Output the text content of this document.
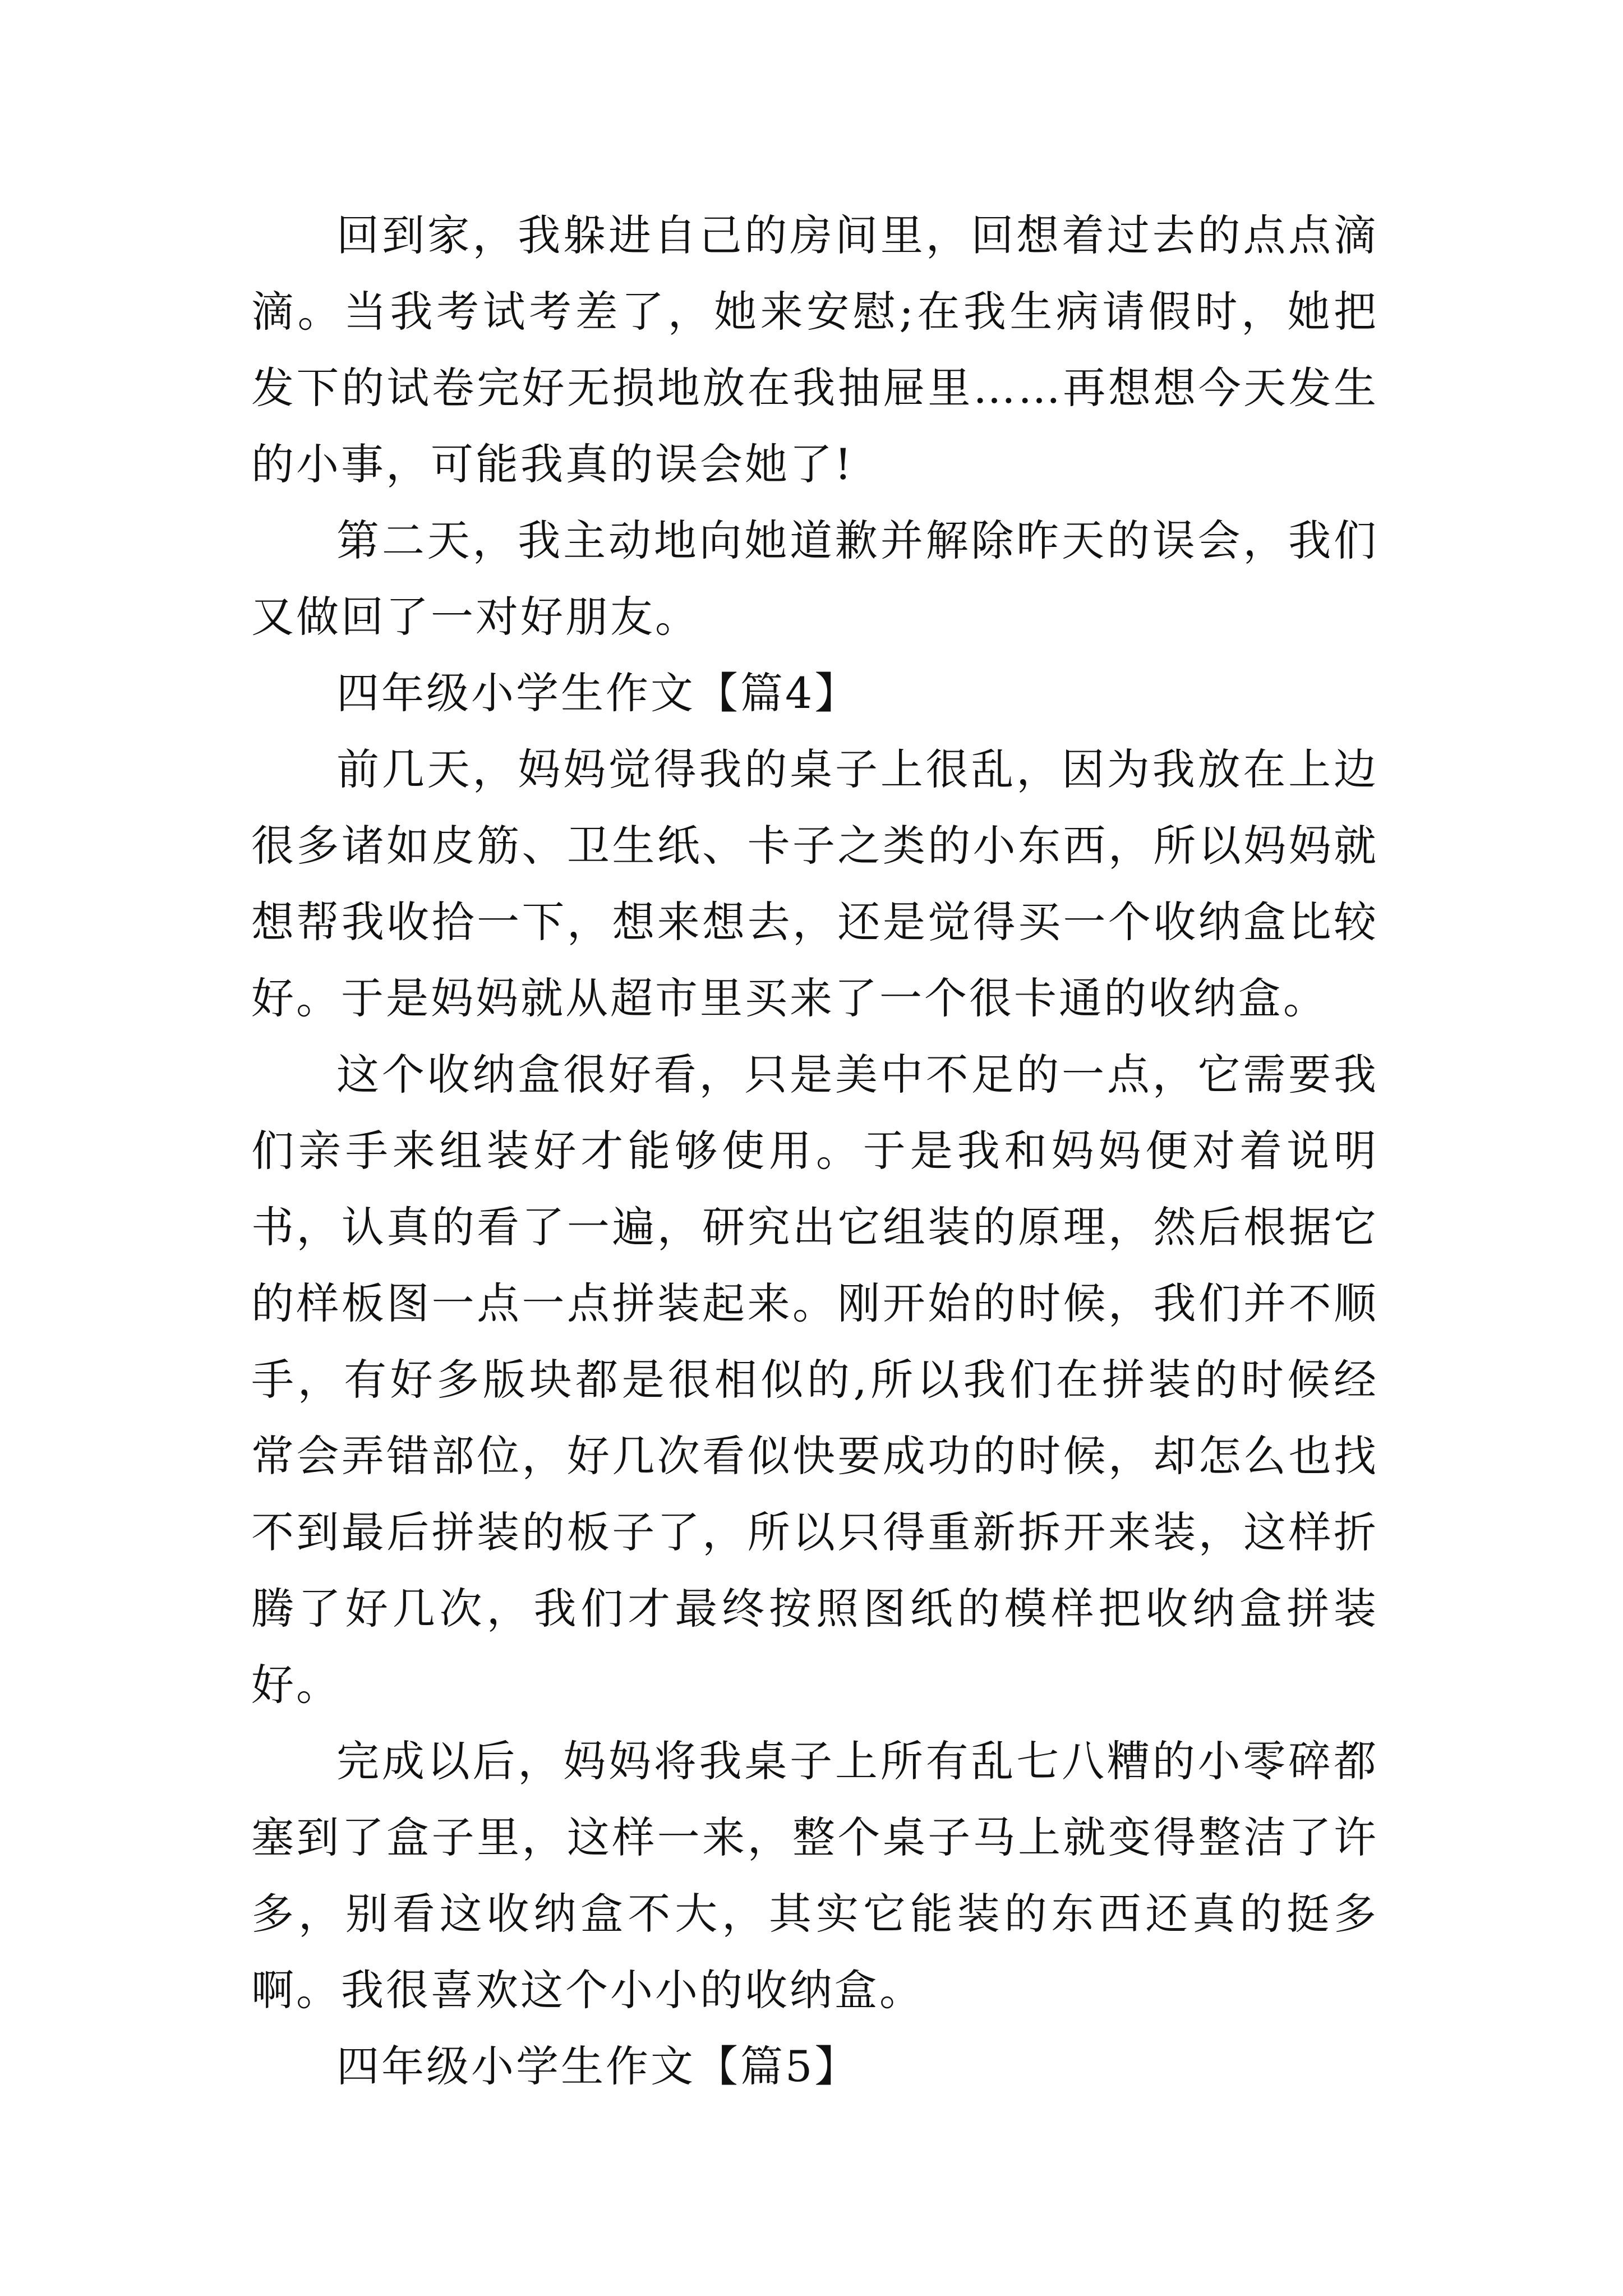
回到家，我躲进自己的房间里，回想着过去的点点滴滴。当我考试考差了，她来安慰;在我生病请假时，她把发下的试卷完好无损地放在我抽屉里……再想想今天发生的小事，可能我真的误会她了!

第二天，我主动地向她道歉并解除昨天的误会，我们又做回了一对好朋友。

四年级小学生作文【篇4】

前几天，妈妈觉得我的桌子上很乱，因为我放在上边很多诸如皮筋、卫生纸、卡子之类的小东西，所以妈妈就想帮我收拾一下，想来想去，还是觉得买一个收纳盒比较好。于是妈妈就从超市里买来了一个很卡通的收纳盒。

这个收纳盒很好看，只是美中不足的一点，它需要我们亲手来组装好才能够使用。于是我和妈妈便对着说明书，认真的看了一遍，研究出它组装的原理，然后根据它的样板图一点一点拼装起来。刚开始的时候，我们并不顺手，有好多版块都是很相似的,所以我们在拼装的时候经常会弄错部位，好几次看似快要成功的时候，却怎么也找不到最后拼装的板子了，所以只得重新拆开来装，这样折腾了好几次，我们才最终按照图纸的模样把收纳盒拼装好。

完成以后，妈妈将我桌子上所有乱七八糟的小零碎都塞到了盒子里，这样一来，整个桌子马上就变得整洁了许多，别看这收纳盒不大，其实它能装的东西还真的挺多啊。我很喜欢这个小小的收纳盒。

四年级小学生作文【篇5】
